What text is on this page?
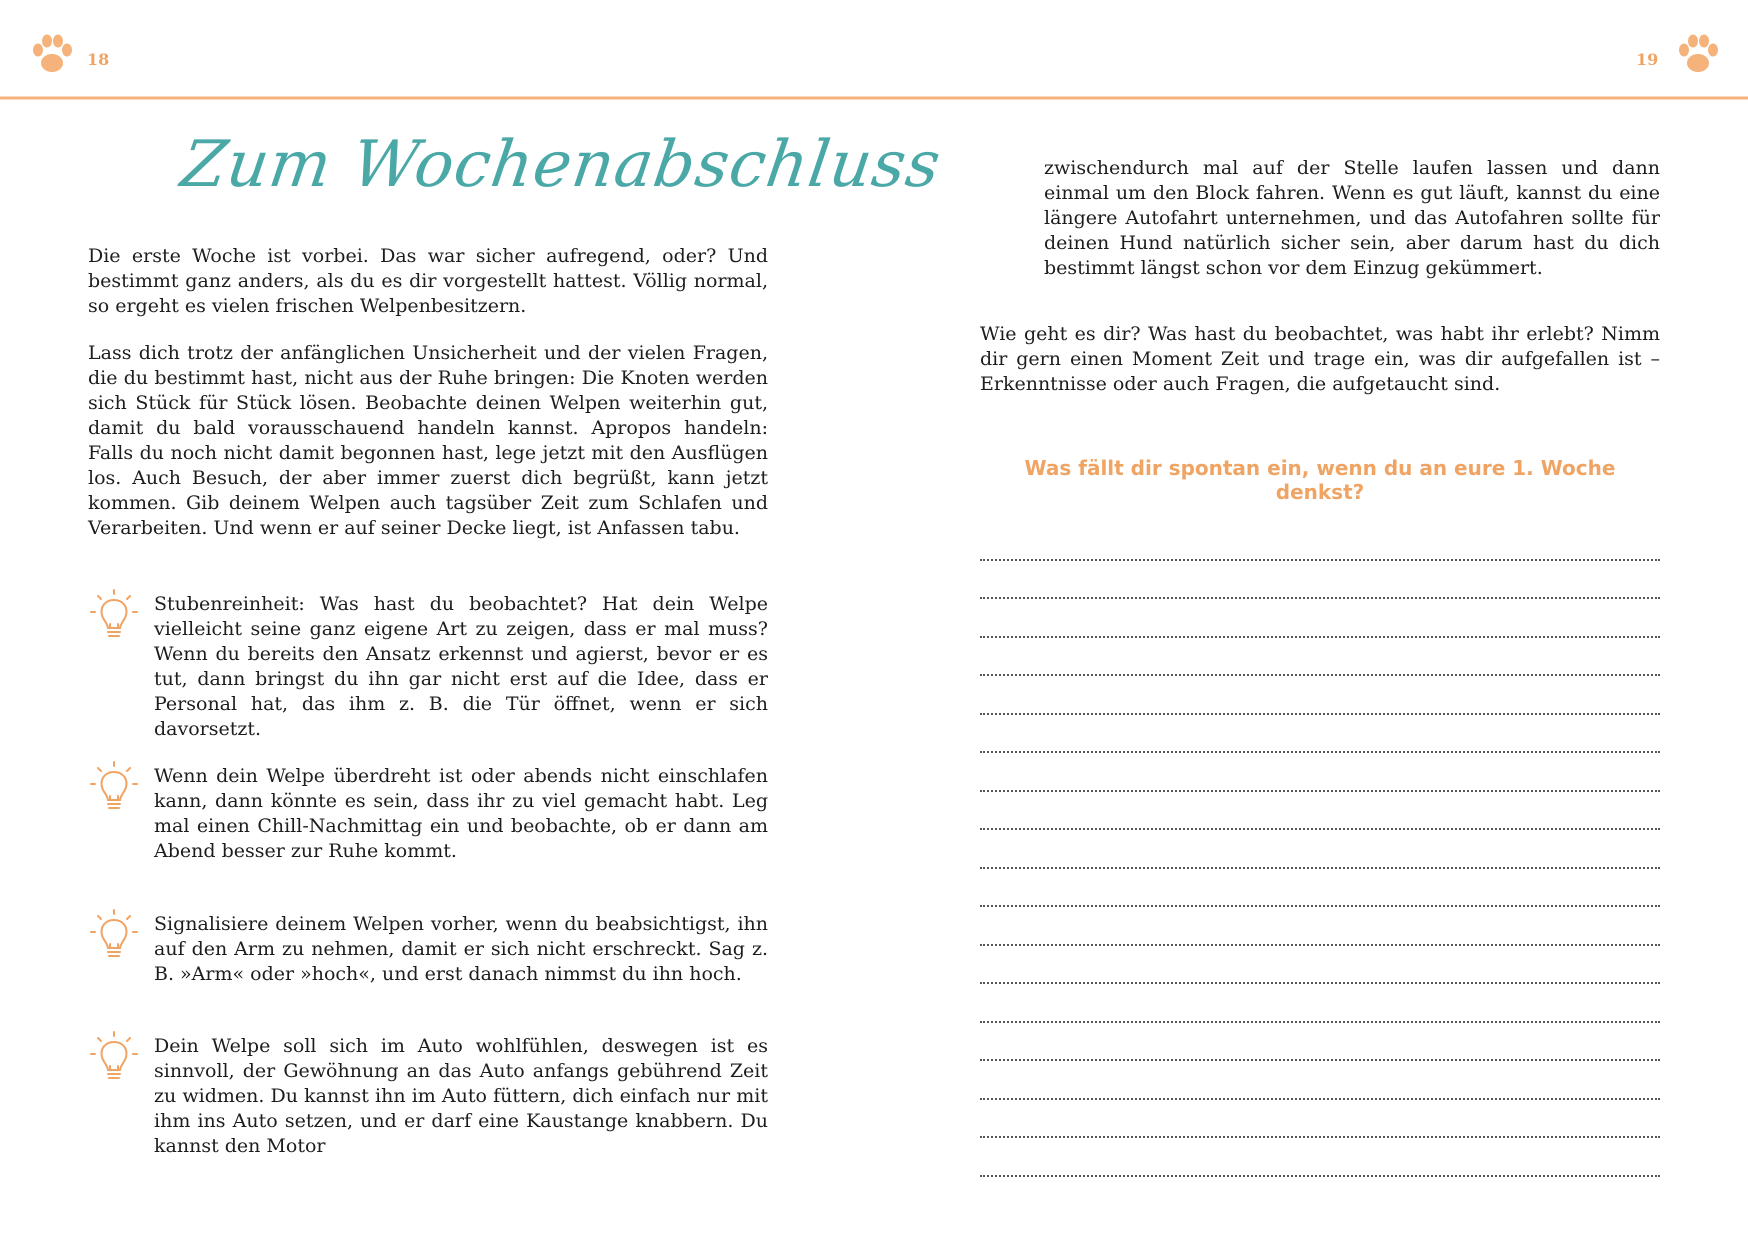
18	19
Zum Wochenabschluss

Die erste Woche ist vorbei. Das war sicher aufregend, oder? Und bestimmt ganz anders, als du es dir vorgestellt hattest. Völlig normal, so ergeht es vielen frischen Welpenbesitzern.

Lass dich trotz der anfänglichen Unsicherheit und der vielen Fragen, die du bestimmt hast, nicht aus der Ruhe bringen: Die Knoten werden sich Stück für Stück lösen. Beobachte deinen Welpen weiterhin gut, damit du bald vorausschauend handeln kannst. Apropos handeln: Falls du noch nicht damit begonnen hast, lege jetzt mit den Ausflügen los. Auch Besuch, der aber immer zuerst dich begrüßt, kann jetzt kommen. Gib deinem Welpen auch tagsüber Zeit zum Schlafen und Verarbeiten. Und wenn er auf seiner Decke liegt, ist Anfassen tabu.

Stubenreinheit: Was hast du beobachtet? Hat dein Welpe vielleicht seine ganz eigene Art zu zeigen, dass er mal muss? Wenn du bereits den Ansatz erkennst und agierst, bevor er es tut, dann bringst du ihn gar nicht erst auf die Idee, dass er Personal hat, das ihm z. B. die Tür öffnet, wenn er sich davorsetzt.
Wenn dein Welpe überdreht ist oder abends nicht einschlafen kann, dann könnte es sein, dass ihr zu viel gemacht habt. Leg mal einen Chill-Nachmittag ein und beobachte, ob er dann am Abend besser zur Ruhe kommt.
Signalisiere deinem Welpen vorher, wenn du beabsichtigst, ihn auf den Arm zu nehmen, damit er sich nicht erschreckt. Sag z. B. »Arm« oder »hoch«, und erst danach nimmst du ihn hoch.
Dein Welpe soll sich im Auto wohlfühlen, deswegen ist es sinnvoll, der Gewöhnung an das Auto anfangs gebührend Zeit zu widmen. Du kannst ihn im Auto füttern, dich einfach nur mit ihm ins Auto setzen, und er darf eine Kaustange knabbern. Du kannst den Motor
zwischendurch mal auf der Stelle laufen lassen und dann einmal um den Block fahren. Wenn es gut läuft, kannst du eine längere Autofahrt unternehmen, und das Autofahren sollte für deinen Hund natürlich sicher sein, aber darum hast du dich bestimmt längst schon vor dem Einzug gekümmert.
Wie geht es dir? Was hast du beobachtet, was habt ihr erlebt? Nimm dir gern einen Moment Zeit und trage ein, was dir aufgefallen ist – Erkenntnisse oder auch Fragen, die aufgetaucht sind.
Was fällt dir spontan ein, wenn du an eure 1. Woche denkst?
